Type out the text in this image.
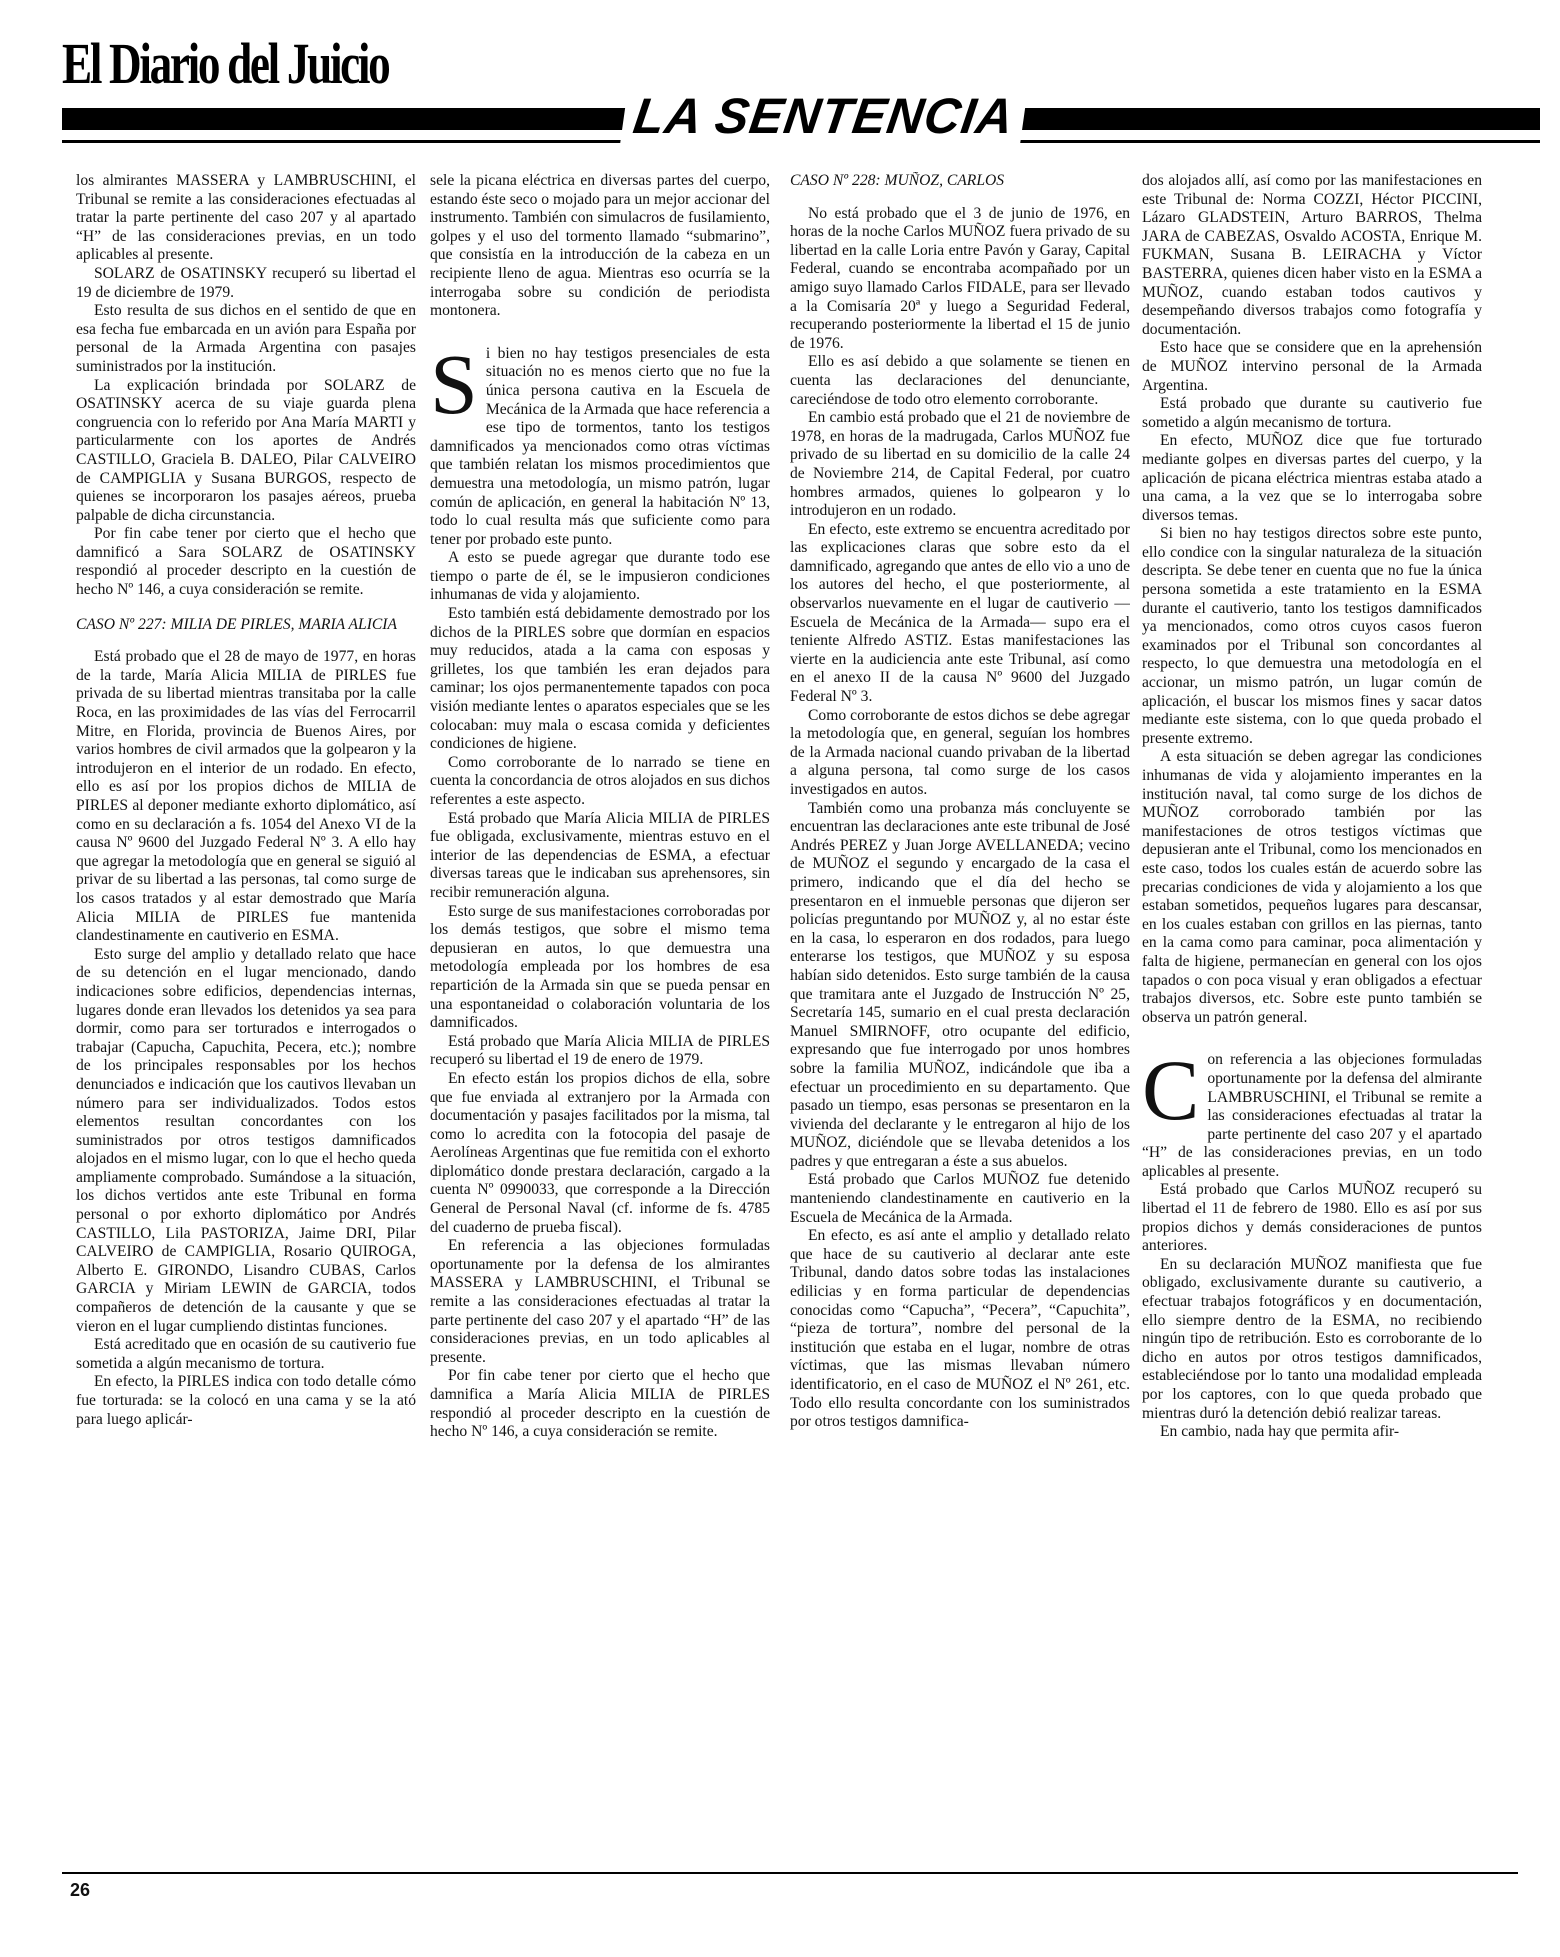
El Diario del Juicio
LA SENTENCIA

los almirantes MASSERA y LAMBRUSCHINI, el Tribunal se remite a las consideraciones efectuadas al tratar la parte pertinente del caso 207 y al apartado “H” de las consideraciones previas, en un todo aplicables al presente.

SOLARZ de OSATINSKY recuperó su libertad el 19 de diciembre de 1979.

Esto resulta de sus dichos en el sentido de que en esa fecha fue embarcada en un avión para España por personal de la Armada Argentina con pasajes suministrados por la institución.

La explicación brindada por SOLARZ de OSATINSKY acerca de su viaje guarda plena congruencia con lo referido por Ana María MARTI y particularmente con los aportes de Andrés CASTILLO, Graciela B. DALEO, Pilar CALVEIRO de CAMPIGLIA y Susana BURGOS, respecto de quienes se incorporaron los pasajes aéreos, prueba palpable de dicha circunstancia.

Por fin cabe tener por cierto que el hecho que damnificó a Sara SOLARZ de OSATINSKY respondió al proceder descripto en la cuestión de hecho Nº 146, a cuya consideración se remite.

CASO Nº 227: MILIA DE PIRLES, MARIA ALICIA

Está probado que el 28 de mayo de 1977, en horas de la tarde, María Alicia MILIA de PIRLES fue privada de su libertad mientras transitaba por la calle Roca, en las proximidades de las vías del Ferrocarril Mitre, en Florida, provincia de Buenos Aires, por varios hombres de civil armados que la golpearon y la introdujeron en el interior de un rodado. En efecto, ello es así por los propios dichos de MILIA de PIRLES al deponer mediante exhorto diplomático, así como en su declaración a fs. 1054 del Anexo VI de la causa Nº 9600 del Juzgado Federal Nº 3. A ello hay que agregar la metodología que en general se siguió al privar de su libertad a las personas, tal como surge de los casos tratados y al estar demostrado que María Alicia MILIA de PIRLES fue mantenida clandestinamente en cautiverio en ESMA.

Esto surge del amplio y detallado relato que hace de su detención en el lugar mencionado, dando indicaciones sobre edificios, dependencias internas, lugares donde eran llevados los detenidos ya sea para dormir, como para ser torturados e interrogados o trabajar (Capucha, Capuchita, Pecera, etc.); nombre de los principales responsables por los hechos denunciados e indicación que los cautivos llevaban un número para ser individualizados. Todos estos elementos resultan concordantes con los suministrados por otros testigos damnificados alojados en el mismo lugar, con lo que el hecho queda ampliamente comprobado. Sumándose a la situación, los dichos vertidos ante este Tribunal en forma personal o por exhorto diplomático por Andrés CASTILLO, Lila PASTORIZA, Jaime DRI, Pilar CALVEIRO de CAMPIGLIA, Rosario QUIROGA, Alberto E. GIRONDO, Lisandro CUBAS, Carlos GARCIA y Miriam LEWIN de GARCIA, todos compañeros de detención de la causante y que se vieron en el lugar cumpliendo distintas funciones.

Está acreditado que en ocasión de su cautiverio fue sometida a algún mecanismo de tortura.

En efecto, la PIRLES indica con todo detalle cómo fue torturada: se la colocó en una cama y se la ató para luego aplicár-

sele la picana eléctrica en diversas partes del cuerpo, estando éste seco o mojado para un mejor accionar del instrumento. También con simulacros de fusilamiento, golpes y el uso del tormento llamado “submarino”, que consistía en la introducción de la cabeza en un recipiente lleno de agua. Mientras eso ocurría se la interrogaba sobre su condición de periodista montonera.

Si bien no hay testigos presenciales de esta situación no es menos cierto que no fue la única persona cautiva en la Escuela de Mecánica de la Armada que hace referencia a ese tipo de tormentos, tanto los testigos damnificados ya mencionados como otras víctimas que también relatan los mismos procedimientos que demuestra una metodología, un mismo patrón, lugar común de aplicación, en general la habitación Nº 13, todo lo cual resulta más que suficiente como para tener por probado este punto.

A esto se puede agregar que durante todo ese tiempo o parte de él, se le impusieron condiciones inhumanas de vida y alojamiento.

Esto también está debidamente demostrado por los dichos de la PIRLES sobre que dormían en espacios muy reducidos, atada a la cama con esposas y grilletes, los que también les eran dejados para caminar; los ojos permanentemente tapados con poca visión mediante lentes o aparatos especiales que se les colocaban: muy mala o escasa comida y deficientes condiciones de higiene.

Como corroborante de lo narrado se tiene en cuenta la concordancia de otros alojados en sus dichos referentes a este aspecto.

Está probado que María Alicia MILIA de PIRLES fue obligada, exclusivamente, mientras estuvo en el interior de las dependencias de ESMA, a efectuar diversas tareas que le indicaban sus aprehensores, sin recibir remuneración alguna.

Esto surge de sus manifestaciones corroboradas por los demás testigos, que sobre el mismo tema depusieran en autos, lo que demuestra una metodología empleada por los hombres de esa repartición de la Armada sin que se pueda pensar en una espontaneidad o colaboración voluntaria de los damnificados.

Está probado que María Alicia MILIA de PIRLES recuperó su libertad el 19 de enero de 1979.

En efecto están los propios dichos de ella, sobre que fue enviada al extranjero por la Armada con documentación y pasajes facilitados por la misma, tal como lo acredita con la fotocopia del pasaje de Aerolíneas Argentinas que fue remitida con el exhorto diplomático donde prestara declaración, cargado a la cuenta Nº 0990033, que corresponde a la Dirección General de Personal Naval (cf. informe de fs. 4785 del cuaderno de prueba fiscal).

En referencia a las objeciones formuladas oportunamente por la defensa de los almirantes MASSERA y LAMBRUSCHINI, el Tribunal se remite a las consideraciones efectuadas al tratar la parte pertinente del caso 207 y el apartado “H” de las consideraciones previas, en un todo aplicables al presente.

Por fin cabe tener por cierto que el hecho que damnifica a María Alicia MILIA de PIRLES respondió al proceder descripto en la cuestión de hecho Nº 146, a cuya consideración se remite.

CASO Nº 228: MUÑOZ, CARLOS

No está probado que el 3 de junio de 1976, en horas de la noche Carlos MUÑOZ fuera privado de su libertad en la calle Loria entre Pavón y Garay, Capital Federal, cuando se encontraba acompañado por un amigo suyo llamado Carlos FIDALE, para ser llevado a la Comisaría 20ª y luego a Seguridad Federal, recuperando posteriormente la libertad el 15 de junio de 1976.

Ello es así debido a que solamente se tienen en cuenta las declaraciones del denunciante, careciéndose de todo otro elemento corroborante.

En cambio está probado que el 21 de noviembre de 1978, en horas de la madrugada, Carlos MUÑOZ fue privado de su libertad en su domicilio de la calle 24 de Noviembre 214, de Capital Federal, por cuatro hombres armados, quienes lo golpearon y lo introdujeron en un rodado.

En efecto, este extremo se encuentra acreditado por las explicaciones claras que sobre esto da el damnificado, agregando que antes de ello vio a uno de los autores del hecho, el que posteriormente, al observarlos nuevamente en el lugar de cautiverio —Escuela de Mecánica de la Armada— supo era el teniente Alfredo ASTIZ. Estas manifestaciones las vierte en la audiciencia ante este Tribunal, así como en el anexo II de la causa Nº 9600 del Juzgado Federal Nº 3.

Como corroborante de estos dichos se debe agregar la metodología que, en general, seguían los hombres de la Armada nacional cuando privaban de la libertad a alguna persona, tal como surge de los casos investigados en autos.

También como una probanza más concluyente se encuentran las declaraciones ante este tribunal de José Andrés PEREZ y Juan Jorge AVELLANEDA; vecino de MUÑOZ el segundo y encargado de la casa el primero, indicando que el día del hecho se presentaron en el inmueble personas que dijeron ser policías preguntando por MUÑOZ y, al no estar éste en la casa, lo esperaron en dos rodados, para luego enterarse los testigos, que MUÑOZ y su esposa habían sido detenidos. Esto surge también de la causa que tramitara ante el Juzgado de Instrucción Nº 25, Secretaría 145, sumario en el cual presta declaración Manuel SMIRNOFF, otro ocupante del edificio, expresando que fue interrogado por unos hombres sobre la familia MUÑOZ, indicándole que iba a efectuar un procedimiento en su departamento. Que pasado un tiempo, esas personas se presentaron en la vivienda del declarante y le entregaron al hijo de los MUÑOZ, diciéndole que se llevaba detenidos a los padres y que entregaran a éste a sus abuelos.

Está probado que Carlos MUÑOZ fue detenido manteniendo clandestinamente en cautiverio en la Escuela de Mecánica de la Armada.

En efecto, es así ante el amplio y detallado relato que hace de su cautiverio al declarar ante este Tribunal, dando datos sobre todas las instalaciones edilicias y en forma particular de dependencias conocidas como “Capucha”, “Pecera”, “Capuchita”, “pieza de tortura”, nombre del personal de la institución que estaba en el lugar, nombre de otras víctimas, que las mismas llevaban número identificatorio, en el caso de MUÑOZ el Nº 261, etc. Todo ello resulta concordante con los suministrados por otros testigos damnifica-

dos alojados allí, así como por las manifestaciones en este Tribunal de: Norma COZZI, Héctor PICCINI, Lázaro GLADSTEIN, Arturo BARROS, Thelma JARA de CABEZAS, Osvaldo ACOSTA, Enrique M. FUKMAN, Susana B. LEIRACHA y Víctor BASTERRA, quienes dicen haber visto en la ESMA a MUÑOZ, cuando estaban todos cautivos y desempeñando diversos trabajos como fotografía y documentación.

Esto hace que se considere que en la aprehensión de MUÑOZ intervino personal de la Armada Argentina.

Está probado que durante su cautiverio fue sometido a algún mecanismo de tortura.

En efecto, MUÑOZ dice que fue torturado mediante golpes en diversas partes del cuerpo, y la aplicación de picana eléctrica mientras estaba atado a una cama, a la vez que se lo interrogaba sobre diversos temas.

Si bien no hay testigos directos sobre este punto, ello condice con la singular naturaleza de la situación descripta. Se debe tener en cuenta que no fue la única persona sometida a este tratamiento en la ESMA durante el cautiverio, tanto los testigos damnificados ya mencionados, como otros cuyos casos fueron examinados por el Tribunal son concordantes al respecto, lo que demuestra una metodología en el accionar, un mismo patrón, un lugar común de aplicación, el buscar los mismos fines y sacar datos mediante este sistema, con lo que queda probado el presente extremo.

A esta situación se deben agregar las condiciones inhumanas de vida y alojamiento imperantes en la institución naval, tal como surge de los dichos de MUÑOZ corroborado también por las manifestaciones de otros testigos víctimas que depusieran ante el Tribunal, como los mencionados en este caso, todos los cuales están de acuerdo sobre las precarias condiciones de vida y alojamiento a los que estaban sometidos, pequeños lugares para descansar, en los cuales estaban con grillos en las piernas, tanto en la cama como para caminar, poca alimentación y falta de higiene, permanecían en general con los ojos tapados o con poca visual y eran obligados a efectuar trabajos diversos, etc. Sobre este punto también se observa un patrón general.

Con referencia a las objeciones formuladas oportunamente por la defensa del almirante LAMBRUSCHINI, el Tribunal se remite a las consideraciones efectuadas al tratar la parte pertinente del caso 207 y el apartado “H” de las consideraciones previas, en un todo aplicables al presente.

Está probado que Carlos MUÑOZ recuperó su libertad el 11 de febrero de 1980. Ello es así por sus propios dichos y demás consideraciones de puntos anteriores.

En su declaración MUÑOZ manifiesta que fue obligado, exclusivamente durante su cautiverio, a efectuar trabajos fotográficos y en documentación, ello siempre dentro de la ESMA, no recibiendo ningún tipo de retribución. Esto es corroborante de lo dicho en autos por otros testigos damnificados, estableciéndose por lo tanto una modalidad empleada por los captores, con lo que queda probado que mientras duró la detención debió realizar tareas.

En cambio, nada hay que permita afir-

26
